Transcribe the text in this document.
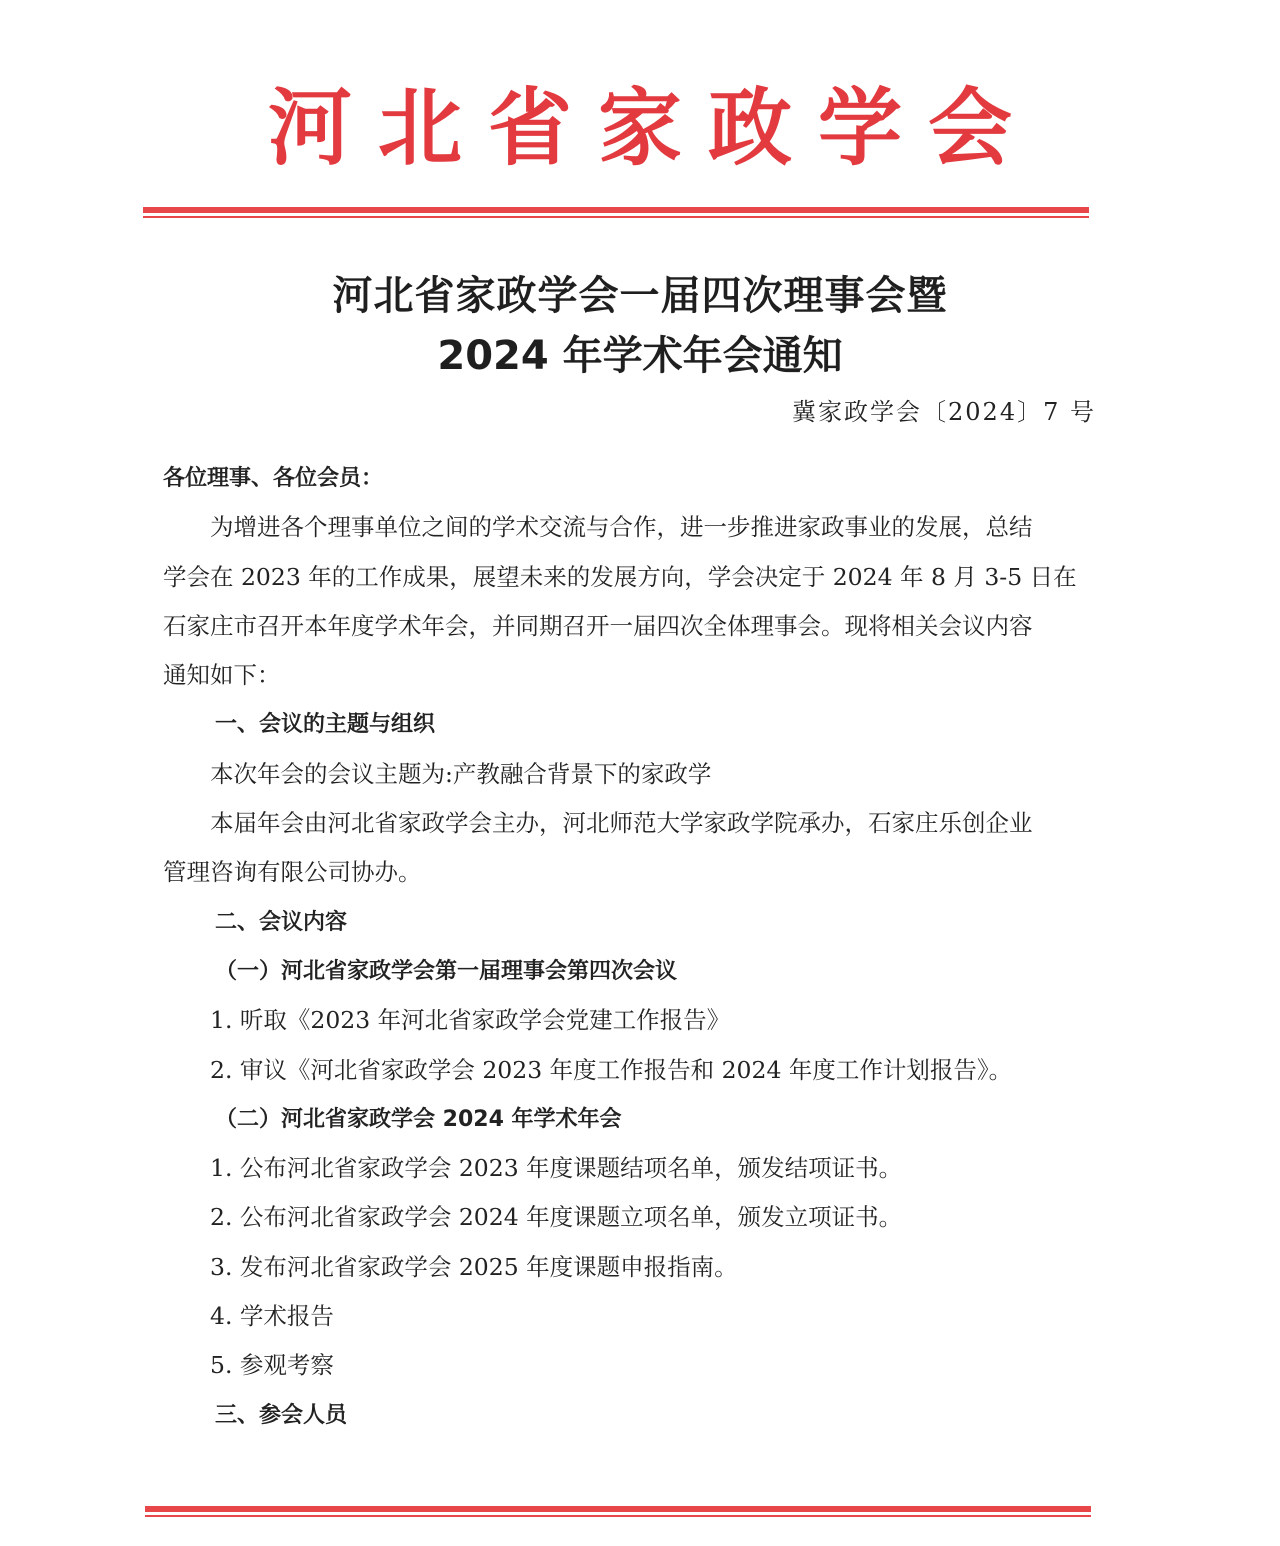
河北省家政学会
河北省家政学会一届四次理事会暨
2024 年学术年会通知
冀家政学会〔2024〕7 号
各位理事、各位会员：
为增进各个理事单位之间的学术交流与合作，进一步推进家政事业的发展，总结
学会在 2023 年的工作成果，展望未来的发展方向，学会决定于 2024 年 8 月 3-5 日在
石家庄市召开本年度学术年会，并同期召开一届四次全体理事会。现将相关会议内容
通知如下：
一、会议的主题与组织
本次年会的会议主题为:产教融合背景下的家政学
本届年会由河北省家政学会主办，河北师范大学家政学院承办，石家庄乐创企业
管理咨询有限公司协办。
二、会议内容
（一）河北省家政学会第一届理事会第四次会议
1. 听取《2023 年河北省家政学会党建工作报告》
2. 审议《河北省家政学会 2023 年度工作报告和 2024 年度工作计划报告》。
（二）河北省家政学会 2024 年学术年会
1. 公布河北省家政学会 2023 年度课题结项名单，颁发结项证书。
2. 公布河北省家政学会 2024 年度课题立项名单，颁发立项证书。
3. 发布河北省家政学会 2025 年度课题申报指南。
4. 学术报告
5. 参观考察
三、参会人员
